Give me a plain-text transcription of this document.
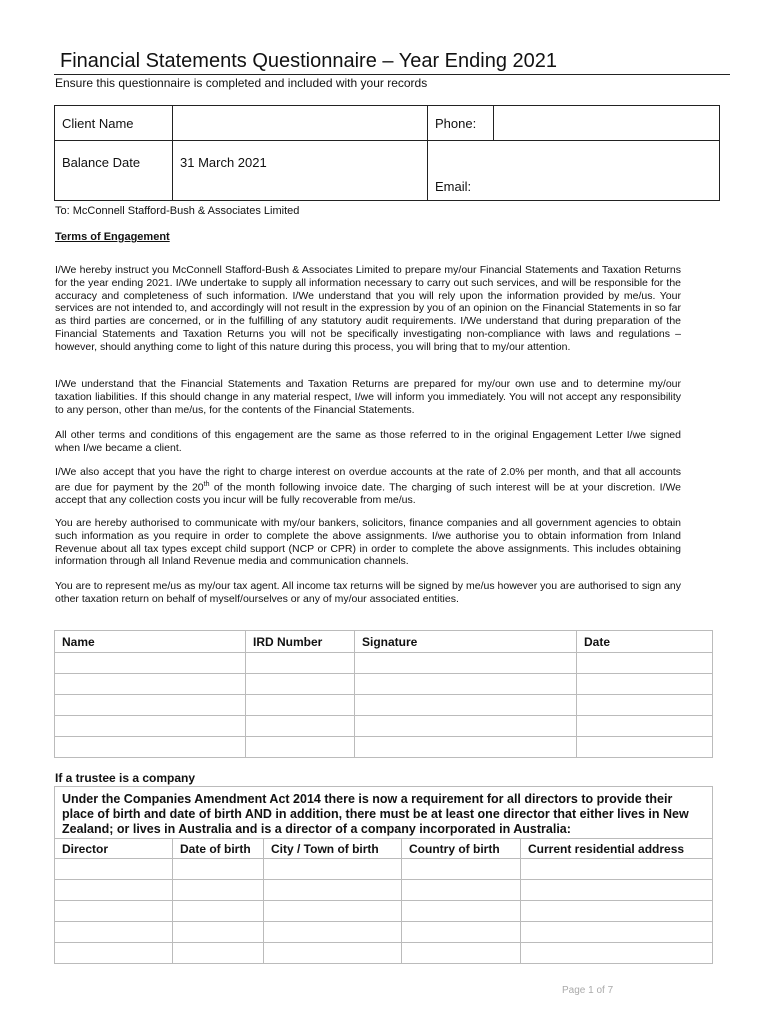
Financial Statements Questionnaire – Year Ending 2021
Ensure this questionnaire is completed and included with your records
Client Name		Phone:	
Balance Date	31 March 2021	Email:	
To: McConnell Stafford-Bush & Associates Limited
Terms of Engagement
I/We hereby instruct you McConnell Stafford-Bush & Associates Limited to prepare my/our Financial Statements and Taxation Returns for the year ending 2021. I/We undertake to supply all information necessary to carry out such services, and will be responsible for the accuracy and completeness of such information. I/We understand that you will rely upon the information provided by me/us. Your services are not intended to, and accordingly will not result in the expression by you of an opinion on the Financial Statements in so far as third parties are concerned, or in the fulfilling of any statutory audit requirements. I/We understand that during preparation of the Financial Statements and Taxation Returns you will not be specifically investigating non-compliance with laws and regulations – however, should anything come to light of this nature during this process, you will bring that to my/our attention.
I/We understand that the Financial Statements and Taxation Returns are prepared for my/our own use and to determine my/our taxation liabilities. If this should change in any material respect, I/we will inform you immediately. You will not accept any responsibility to any person, other than me/us, for the contents of the Financial Statements.
All other terms and conditions of this engagement are the same as those referred to in the original Engagement Letter I/we signed when I/we became a client.
I/We also accept that you have the right to charge interest on overdue accounts at the rate of 2.0% per month, and that all accounts are due for payment by the 20th of the month following invoice date. The charging of such interest will be at your discretion. I/We accept that any collection costs you incur will be fully recoverable from me/us.
You are hereby authorised to communicate with my/our bankers, solicitors, finance companies and all government agencies to obtain such information as you require in order to complete the above assignments. I/we authorise you to obtain information from Inland Revenue about all tax types except child support (NCP or CPR) in order to complete the above assignments. This includes obtaining information through all Inland Revenue media and communication channels.
You are to represent me/us as my/our tax agent. All income tax returns will be signed by me/us however you are authorised to sign any other taxation return on behalf of myself/ourselves or any of my/our associated entities.
Name	IRD Number	Signature	Date

If a trustee is a company
Under the Companies Amendment Act 2014 there is now a requirement for all directors to provide their place of birth and date of birth AND in addition, there must be at least one director that either lives in New Zealand; or lives in Australia and is a director of a company incorporated in Australia:				
Director	Date of birth	City / Town of birth	Country of birth	Current residential address

Page 1 of 7
